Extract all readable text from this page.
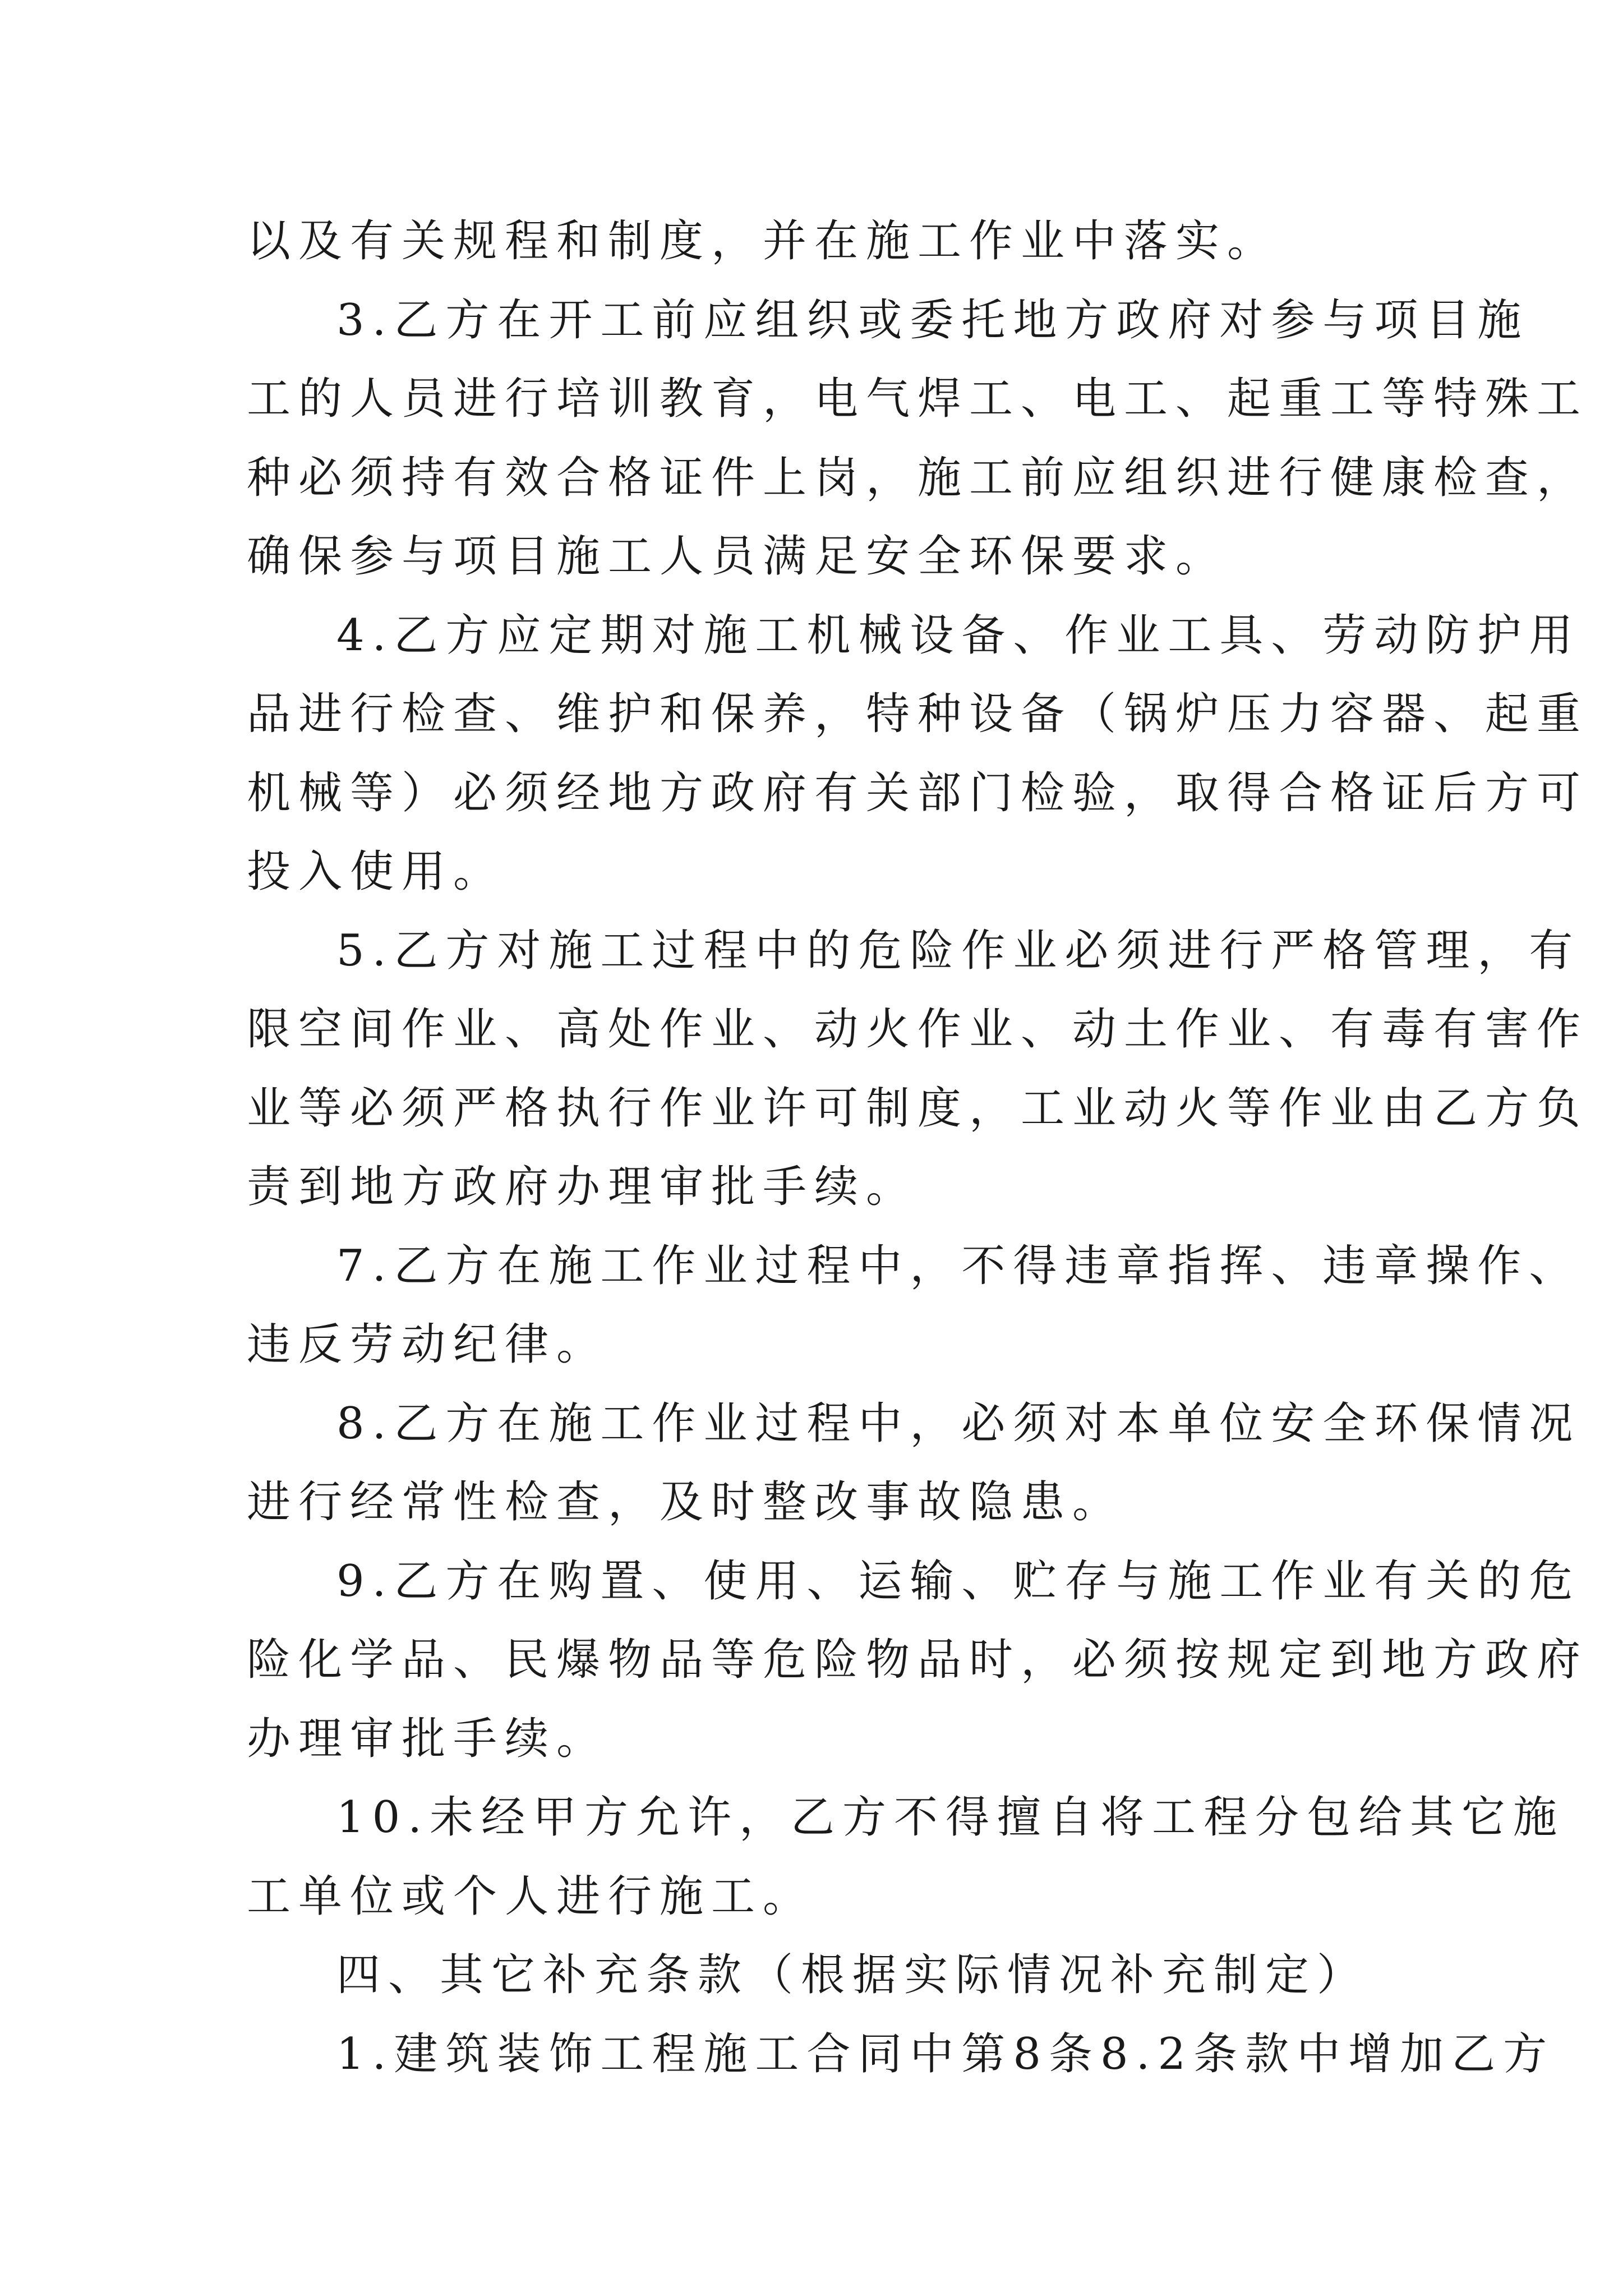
以及有关规程和制度，并在施工作业中落实。

3.乙方在开工前应组织或委托地方政府对参与项目施

工的人员进行培训教育，电气焊工、电工、起重工等特殊工

种必须持有效合格证件上岗，施工前应组织进行健康检查，

确保参与项目施工人员满足安全环保要求。

4.乙方应定期对施工机械设备、作业工具、劳动防护用

品进行检查、维护和保养，特种设备（锅炉压力容器、起重

机械等）必须经地方政府有关部门检验，取得合格证后方可

投入使用。

5.乙方对施工过程中的危险作业必须进行严格管理，有

限空间作业、高处作业、动火作业、动土作业、有毒有害作

业等必须严格执行作业许可制度，工业动火等作业由乙方负

责到地方政府办理审批手续。

7.乙方在施工作业过程中，不得违章指挥、违章操作、

违反劳动纪律。

8.乙方在施工作业过程中，必须对本单位安全环保情况

进行经常性检查，及时整改事故隐患。

9.乙方在购置、使用、运输、贮存与施工作业有关的危

险化学品、民爆物品等危险物品时，必须按规定到地方政府

办理审批手续。

10.未经甲方允许，乙方不得擅自将工程分包给其它施

工单位或个人进行施工。

四、其它补充条款（根据实际情况补充制定）

1.建筑装饰工程施工合同中第8条8.2条款中增加乙方
